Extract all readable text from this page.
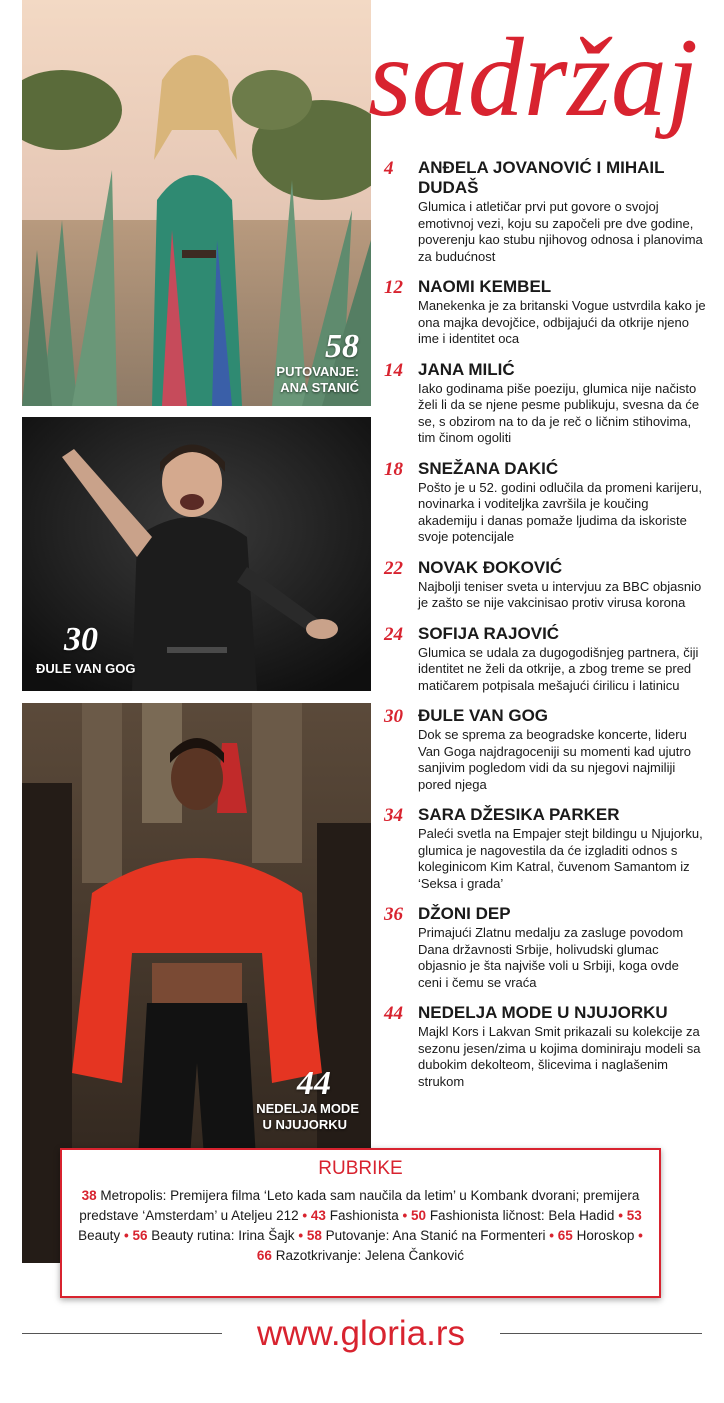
58
PUTOVANJE:
ANA STANIĆ
30
ĐULE VAN GOG
44
NEDELJA MODE
U NJUJORKU
sadržaj
4	ANĐELA JOVANOVIĆ I MIHAIL DUDAŠ
Glumica i atletičar prvi put govore o svojoj emotivnoj vezi, koju su započeli pre dve godine, poverenju kao stubu njihovog odnosa i planovima za budućnost
12 NAOMI KEMBEL
Manekenka je za britanski Vogue ustvrdila kako je ona majka devojčice, odbijajući da otkrije njeno ime i identitet oca
14 JANA MILIĆ
Iako godinama piše poeziju, glumica nije načisto želi li da se njene pesme publikuju, svesna da će se, s obzirom na to da je reč o ličnim stihovima, tim činom ogoliti
18 SNEŽANA DAKIĆ
Pošto je u 52. godini odlučila da promeni karijeru, novinarka i voditeljka završila je koučing akademiju i danas pomaže ljudima da iskoriste svoje potencijale
22 NOVAK ĐOKOVIĆ
Najbolji teniser sveta u intervjuu za BBC objasnio je zašto se nije vakcinisao protiv virusa korona
24 SOFIJA RAJOVIĆ
Glumica se udala za dugogodišnjeg partnera, čiji identitet ne želi da otkrije, a zbog treme se pred matičarem potpisala mešajući ćirilicu i latinicu
30 ĐULE VAN GOG
Dok se sprema za beogradske koncerte, lideru Van Goga najdragoceniji su momenti kad ujutro sanjivim pogledom vidi da su njegovi najmiliji pored njega
34 SARA DŽESIKA PARKER
Paleći svetla na Empajer stejt bildingu u Njujorku, glumica je nagovestila da će izgladiti odnos s koleginicom Kim Katral, čuvenom Samantom iz ‘Seksa i grada’
36 DŽONI DEP
Primajući Zlatnu medalju za zasluge povodom Dana državnosti Srbije, holivudski glumac objasnio je šta najviše voli u Srbiji, koga ovde ceni i čemu se vraća
44 NEDELJA MODE U NJUJORKU
Majkl Kors i Lakvan Smit prikazali su kolekcije za sezonu jesen/zima u kojima dominiraju modeli sa dubokim dekolteom, šlicevima i naglašenim strukom
RUBRIKE

38 Metropolis: Premijera filma ‘Leto kada sam naučila da letim’ u Kombank dvorani; premijera predstave ‘Amsterdam’ u Ateljeu 212 • 43 Fashionista • 50 Fashionista ličnost: Bela Hadid • 53 Beauty • 56 Beauty rutina: Irina Šajk • 58 Putovanje: Ana Stanić na Formenteri • 65 Horoskop • 66 Razotkrivanje: Jelena Čanković

www.gloria.rs
